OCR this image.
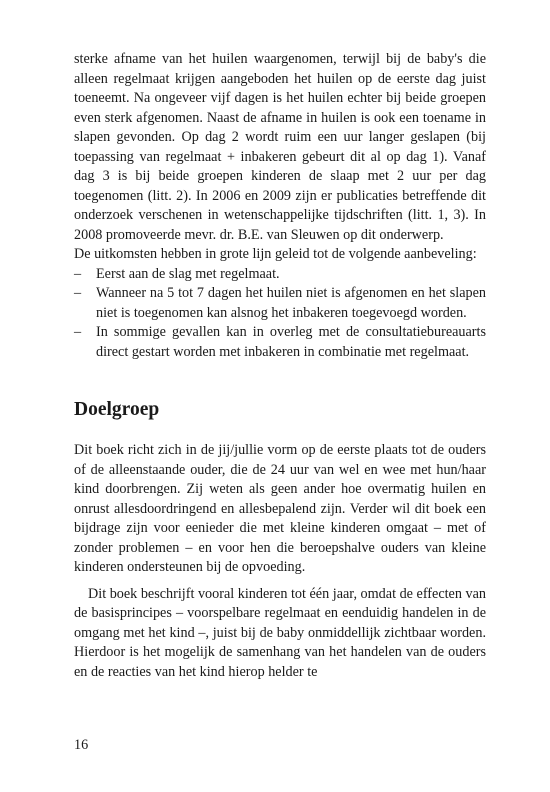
sterke afname van het huilen waargenomen, terwijl bij de baby's die alleen regelmaat krijgen aangeboden het huilen op de eerste dag juist toeneemt. Na ongeveer vijf dagen is het huilen echter bij beide groepen even sterk afgenomen. Naast de afname in huilen is ook een toename in slapen gevonden. Op dag 2 wordt ruim een uur langer geslapen (bij toepassing van regelmaat + inbakeren gebeurt dit al op dag 1). Vanaf dag 3 is bij beide groepen kinderen de slaap met 2 uur per dag toegenomen (litt. 2). In 2006 en 2009 zijn er publicaties betreffende dit onderzoek verschenen in wetenschappelijke tijdschriften (litt. 1, 3). In 2008 promoveerde mevr. dr. B.E. van Sleuwen op dit onderwerp.

De uitkomsten hebben in grote lijn geleid tot de volgende aanbeveling:

– Eerst aan de slag met regelmaat.
– Wanneer na 5 tot 7 dagen het huilen niet is afgenomen en het slapen niet is toegenomen kan alsnog het inbakeren toegevoegd worden.
– In sommige gevallen kan in overleg met de consultatiebureauarts direct gestart worden met inbakeren in combinatie met regelmaat.
Doelgroep

Dit boek richt zich in de jij/jullie vorm op de eerste plaats tot de ouders of de alleenstaande ouder, die de 24 uur van wel en wee met hun/haar kind doorbrengen. Zij weten als geen ander hoe overmatig huilen en onrust allesdoordringend en allesbepalend zijn. Verder wil dit boek een bijdrage zijn voor eenieder die met kleine kinderen omgaat – met of zonder problemen – en voor hen die beroepshalve ouders van kleine kinderen ondersteunen bij de opvoeding.

Dit boek beschrijft vooral kinderen tot één jaar, omdat de effecten van de basisprincipes – voorspelbare regelmaat en eenduidig handelen in de omgang met het kind –, juist bij de baby onmiddellijk zichtbaar worden. Hierdoor is het mogelijk de samenhang van het handelen van de ouders en de reacties van het kind hierop helder te

16
